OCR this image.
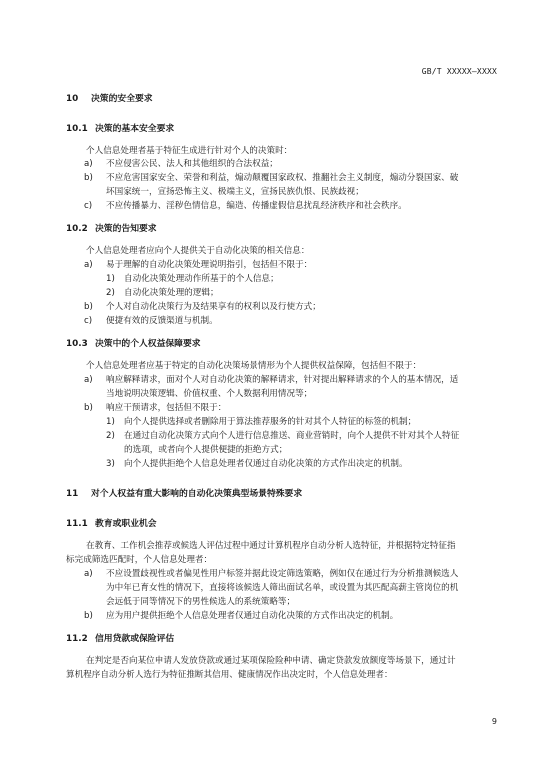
GB/T XXXXX—XXXX
10 决策的安全要求
10.1 决策的基本安全要求
个人信息处理者基于特征生成进行针对个人的决策时：
a) 不应侵害公民、法人和其他组织的合法权益；
b) 不应危害国家安全、荣誉和利益，煽动颠覆国家政权、推翻社会主义制度，煽动分裂国家、破
坏国家统一，宣扬恐怖主义、极端主义，宣扬民族仇恨、民族歧视；
c) 不应传播暴力、淫秽色情信息，编造、传播虚假信息扰乱经济秩序和社会秩序。
10.2 决策的告知要求
个人信息处理者应向个人提供关于自动化决策的相关信息：
a) 易于理解的自动化决策处理说明指引，包括但不限于：
1) 自动化决策处理动作所基于的个人信息；
2) 自动化决策处理的逻辑；
b) 个人对自动化决策行为及结果享有的权利以及行使方式；
c) 便捷有效的反馈渠道与机制。
10.3 决策中的个人权益保障要求
个人信息处理者应基于特定的自动化决策场景情形为个人提供权益保障，包括但不限于：
a) 响应解释请求，面对个人对自动化决策的解释请求，针对提出解释请求的个人的基本情况，适
当地说明决策逻辑、价值权重、个人数据利用情况等；
b) 响应干预请求，包括但不限于：
1) 向个人提供选择或者删除用于算法推荐服务的针对其个人特征的标签的机制；
2) 在通过自动化决策方式向个人进行信息推送、商业营销时，向个人提供不针对其个人特征
的选项，或者向个人提供便捷的拒绝方式；
3) 向个人提供拒绝个人信息处理者仅通过自动化决策的方式作出决定的机制。
11 对个人权益有重大影响的自动化决策典型场景特殊要求
11.1 教育或职业机会
在教育、工作机会推荐或候选人评估过程中通过计算机程序自动分析人选特征，并根据特定特征指
标完成筛选匹配时，个人信息处理者：
a) 不应设置歧视性或者偏见性用户标签并据此设定筛选策略，例如仅在通过行为分析推测候选人
为中年已育女性的情况下，直接将该候选人筛出面试名单，或设置为其匹配高薪主管岗位的机
会远低于同等情况下的男性候选人的系统策略等；
b) 应为用户提供拒绝个人信息处理者仅通过自动化决策的方式作出决定的机制。
11.2 信用贷款或保险评估
在判定是否向某位申请人发放贷款或通过某项保险险种申请、确定贷款发放额度等场景下，通过计
算机程序自动分析人选行为特征推断其信用、健康情况作出决定时，个人信息处理者：
9
